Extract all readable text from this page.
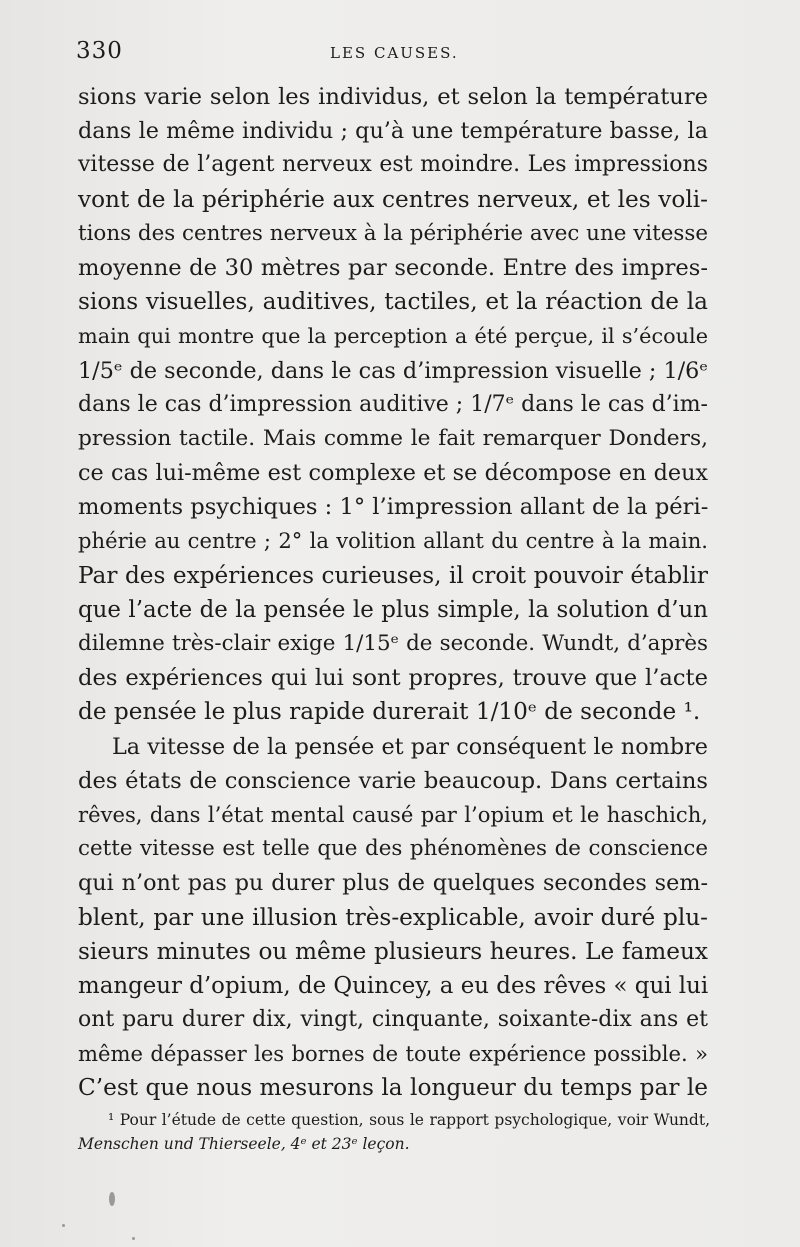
330	LES CAUSES.
sions varie selon les individus, et selon la température
dans le même individu ; qu’à une température basse, la
vitesse de l’agent nerveux est moindre. Les impressions
vont de la périphérie aux centres nerveux, et les voli-
tions des centres nerveux à la périphérie avec une vitesse
moyenne de 30 mètres par seconde. Entre des impres-
sions visuelles, auditives, tactiles, et la réaction de la
main qui montre que la perception a été perçue, il s’écoule
1/5ᵉ de seconde, dans le cas d’impression visuelle ; 1/6ᵉ
dans le cas d’impression auditive ; 1/7ᵉ dans le cas d’im-
pression tactile. Mais comme le fait remarquer Donders,
ce cas lui-même est complexe et se décompose en deux
moments psychiques : 1° l’impression allant de la péri-
phérie au centre ; 2° la volition allant du centre à la main.
Par des expériences curieuses, il croit pouvoir établir
que l’acte de la pensée le plus simple, la solution d’un
dilemne très-clair exige 1/15ᵉ de seconde. Wundt, d’après
des expériences qui lui sont propres, trouve que l’acte
de pensée le plus rapide durerait 1/10ᵉ de seconde ¹.
La vitesse de la pensée et par conséquent le nombre
des états de conscience varie beaucoup. Dans certains
rêves, dans l’état mental causé par l’opium et le haschich,
cette vitesse est telle que des phénomènes de conscience
qui n’ont pas pu durer plus de quelques secondes sem-
blent, par une illusion très-explicable, avoir duré plu-
sieurs minutes ou même plusieurs heures. Le fameux
mangeur d’opium, de Quincey, a eu des rêves « qui lui
ont paru durer dix, vingt, cinquante, soixante-dix ans et
même dépasser les bornes de toute expérience possible. »
C’est que nous mesurons la longueur du temps par le
¹ Pour l’étude de cette question, sous le rapport psychologique, voir Wundt,
Menschen und Thierseele, 4ᵉ et 23ᵉ leçon.
